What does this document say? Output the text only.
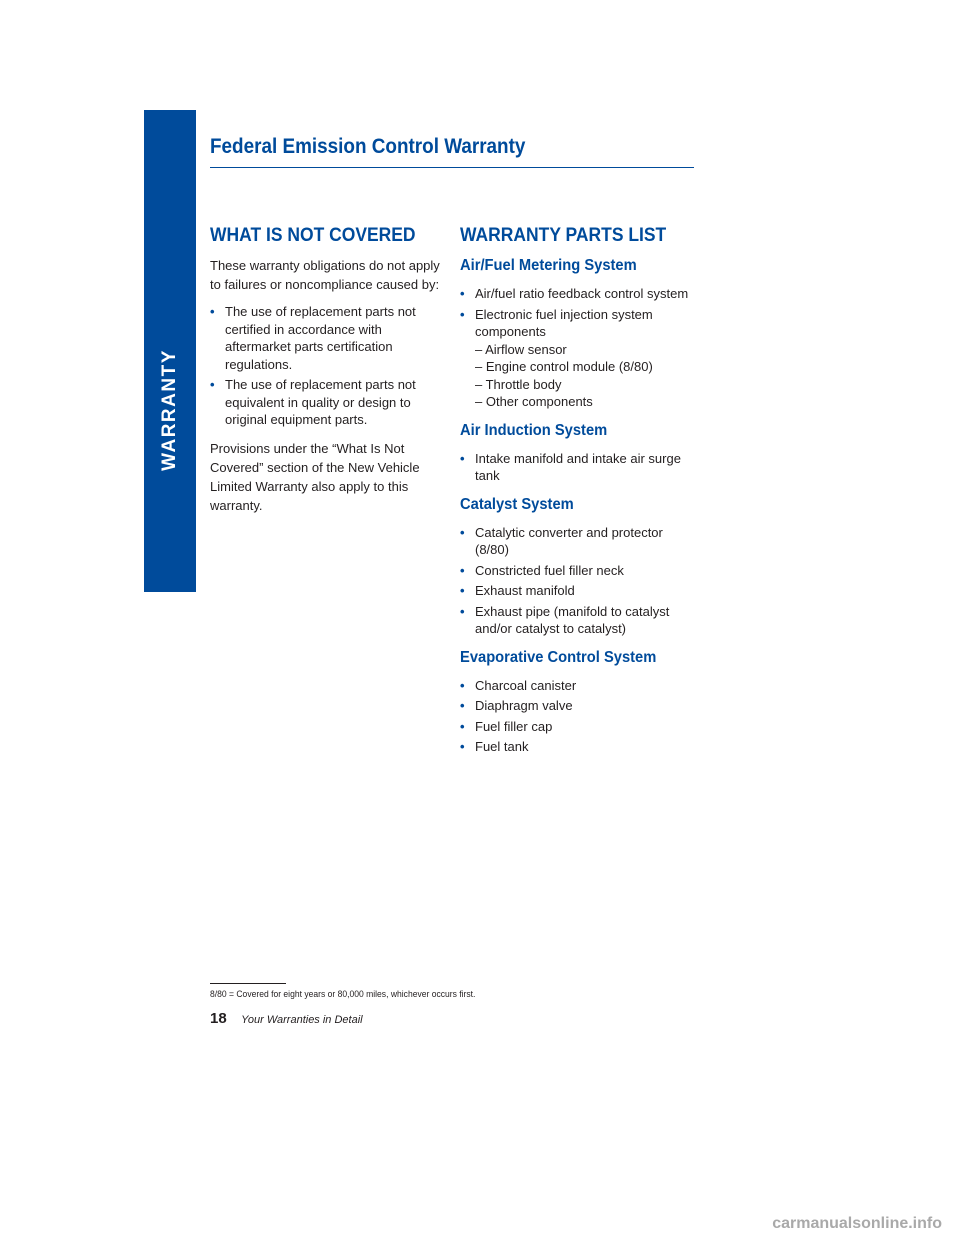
WARRANTY
Federal Emission Control Warranty
WHAT IS NOT COVERED

These warranty obligations do not apply to failures or noncompliance caused by:

• The use of replacement parts not certified in accordance with aftermarket parts certification regulations.
• The use of replacement parts not equivalent in quality or design to original equipment parts.

Provisions under the “What Is Not Covered” section of the New Vehicle Limited Warranty also apply to this warranty.

WARRANTY PARTS LIST
Air/Fuel Metering System
• Air/fuel ratio feedback control system
• Electronic fuel injection system components
– Airflow sensor
– Engine control module (8/80)
– Throttle body
– Other components
Air Induction System
• Intake manifold and intake air surge tank
Catalyst System
• Catalytic converter and protector (8/80)
• Constricted fuel filler neck
• Exhaust manifold
• Exhaust pipe (manifold to catalyst and/or catalyst to catalyst)
Evaporative Control System
• Charcoal canister
• Diaphragm valve
• Fuel filler cap
• Fuel tank
8/80 = Covered for eight years or 80,000 miles, whichever occurs first.
18 Your Warranties in Detail
carmanualsonline.info
